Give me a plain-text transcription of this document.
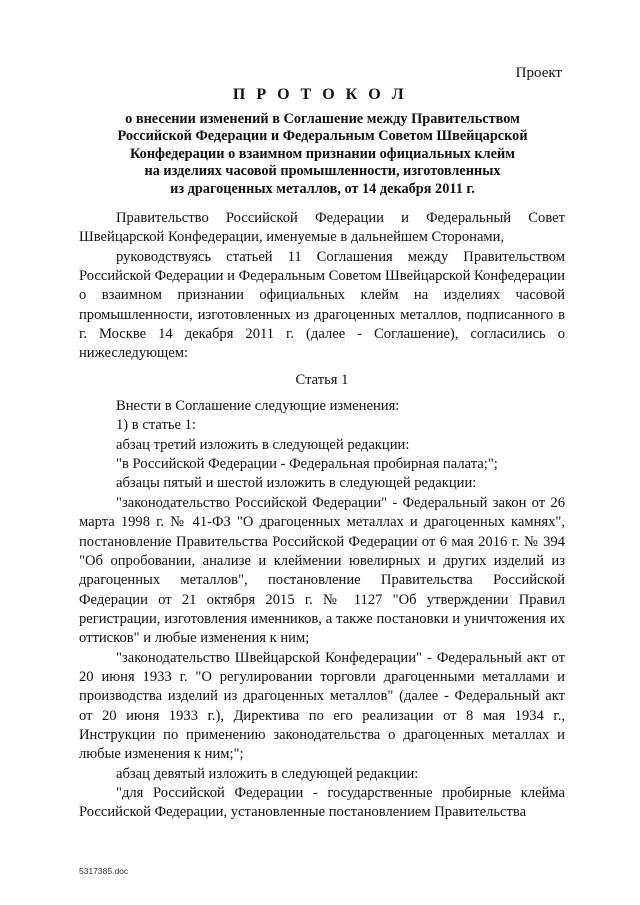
Проект
П Р О Т О К О Л
о внесении изменений в Соглашение между Правительством
Российской Федерации и Федеральным Советом Швейцарской
Конфедерации о взаимном признании официальных клейм
на изделиях часовой промышленности, изготовленных
из драгоценных металлов, от 14 декабря 2011 г.

Правительство Российской Федерации и Федеральный Совет Швейцарской Конфедерации, именуемые в дальнейшем Сторонами,

руководствуясь статьей 11 Соглашения между Правительством Российской Федерации и Федеральным Советом Швейцарской Конфедерации о взаимном признании официальных клейм на изделиях часовой промышленности, изготовленных из драгоценных металлов, подписанного в г. Москве 14 декабря 2011 г. (далее - Соглашение), согласились о нижеследующем:

Статья 1

Внести в Соглашение следующие изменения:

1) в статье 1:

абзац третий изложить в следующей редакции:

"в Российской Федерации - Федеральная пробирная палата;";

абзацы пятый и шестой изложить в следующей редакции:

"законодательство Российской Федерации" - Федеральный закон от 26 марта 1998 г. № 41-ФЗ "О драгоценных металлах и драгоценных камнях", постановление Правительства Российской Федерации от 6 мая 2016 г. № 394 "Об опробовании, анализе и клеймении ювелирных и других изделий из драгоценных металлов", постановление Правительства Российской Федерации от 21 октября 2015 г. № 1127 "Об утверждении Правил регистрации, изготовления именников, а также постановки и уничтожения их оттисков" и любые изменения к ним;

"законодательство Швейцарской Конфедерации" - Федеральный акт от 20 июня 1933 г. "О регулировании торговли драгоценными металлами и производства изделий из драгоценных металлов" (далее - Федеральный акт от 20 июня 1933 г.), Директива по его реализации от 8 мая 1934 г., Инструкции по применению законодательства о драгоценных металлах и любые изменения к ним;";

абзац девятый изложить в следующей редакции:

"для Российской Федерации - государственные пробирные клейма Российской Федерации, установленные постановлением Правительства

5317385.doc
